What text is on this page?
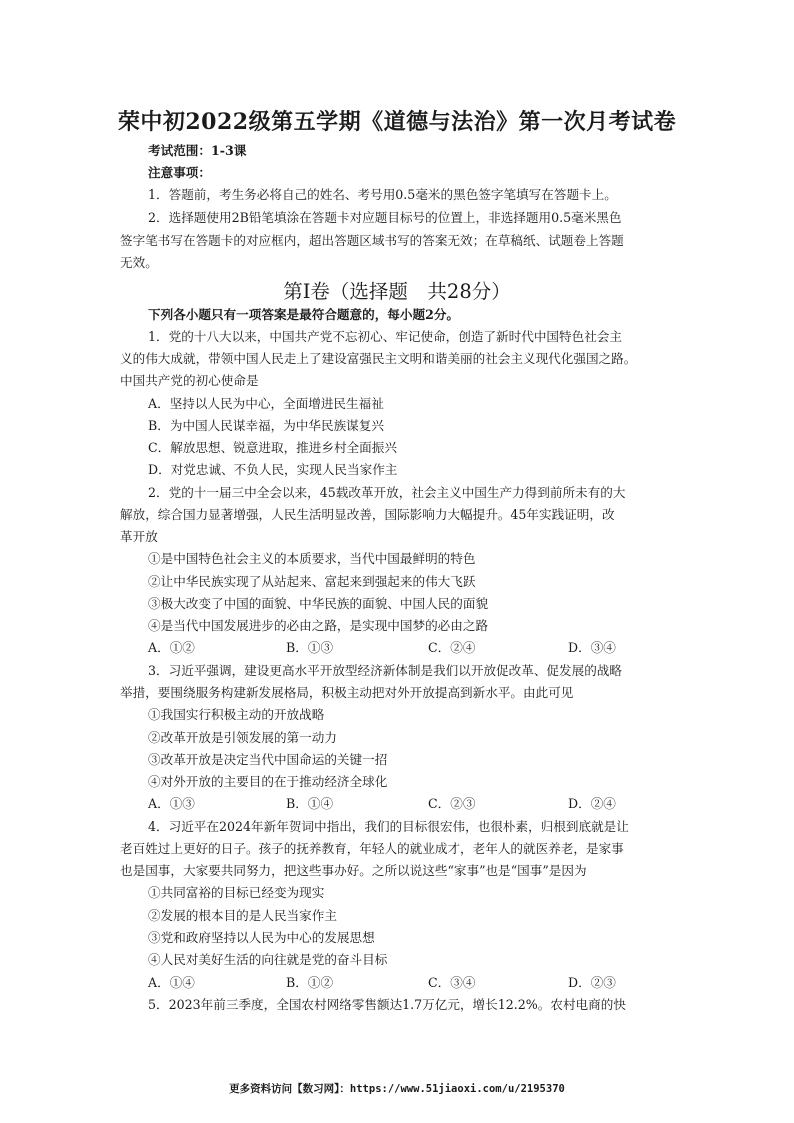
荣中初2022级第五学期《道德与法治》第一次月考试卷
考试范围：1-3课
注意事项：
1．答题前，考生务必将自己的姓名、考号用0.5毫米的黑色签字笔填写在答题卡上。
2．选择题使用2B铅笔填涂在答题卡对应题目标号的位置上，非选择题用0.5毫米黑色
签字笔书写在答题卡的对应框内，超出答题区域书写的答案无效；在草稿纸、试题卷上答题
无效。
第Ⅰ卷（选择题　共28分）
下列各小题只有一项答案是最符合题意的，每小题2分。
1．党的十八大以来，中国共产党不忘初心、牢记使命，创造了新时代中国特色社会主
义的伟大成就，带领中国人民走上了建设富强民主文明和谐美丽的社会主义现代化强国之路。
中国共产党的初心使命是
A．坚持以人民为中心，全面增进民生福祉
B．为中国人民谋幸福，为中华民族谋复兴
C．解放思想、锐意进取，推进乡村全面振兴
D．对党忠诚、不负人民，实现人民当家作主
2．党的十一届三中全会以来，45载改革开放，社会主义中国生产力得到前所未有的大
解放，综合国力显著增强，人民生活明显改善，国际影响力大幅提升。45年实践证明，改
革开放
①是中国特色社会主义的本质要求，当代中国最鲜明的特色
②让中华民族实现了从站起来、富起来到强起来的伟大飞跃
③极大改变了中国的面貌、中华民族的面貌、中国人民的面貌
④是当代中国发展进步的必由之路，是实现中国梦的必由之路
A．①②	B．①③	C．②④	D．③④
3．习近平强调，建设更高水平开放型经济新体制是我们以开放促改革、促发展的战略
举措，要围绕服务构建新发展格局，积极主动把对外开放提高到新水平。由此可见
①我国实行积极主动的开放战略
②改革开放是引领发展的第一动力
③改革开放是决定当代中国命运的关键一招
④对外开放的主要目的在于推动经济全球化
A．①③	B．①④	C．②③	D．②④
4．习近平在2024年新年贺词中指出，我们的目标很宏伟，也很朴素，归根到底就是让
老百姓过上更好的日子。孩子的抚养教育，年轻人的就业成才，老年人的就医养老，是家事
也是国事，大家要共同努力，把这些事办好。之所以说这些“家事”也是“国事”是因为
①共同富裕的目标已经变为现实
②发展的根本目的是人民当家作主
③党和政府坚持以人民为中心的发展思想
④人民对美好生活的向往就是党的奋斗目标
A．①④	B．①②	C．③④	D．②③
5．2023年前三季度，全国农村网络零售额达1.7万亿元，增长12.2%。农村电商的快
更多资料访问【数习网】：https://www.51jiaoxi.com/u/2195370
